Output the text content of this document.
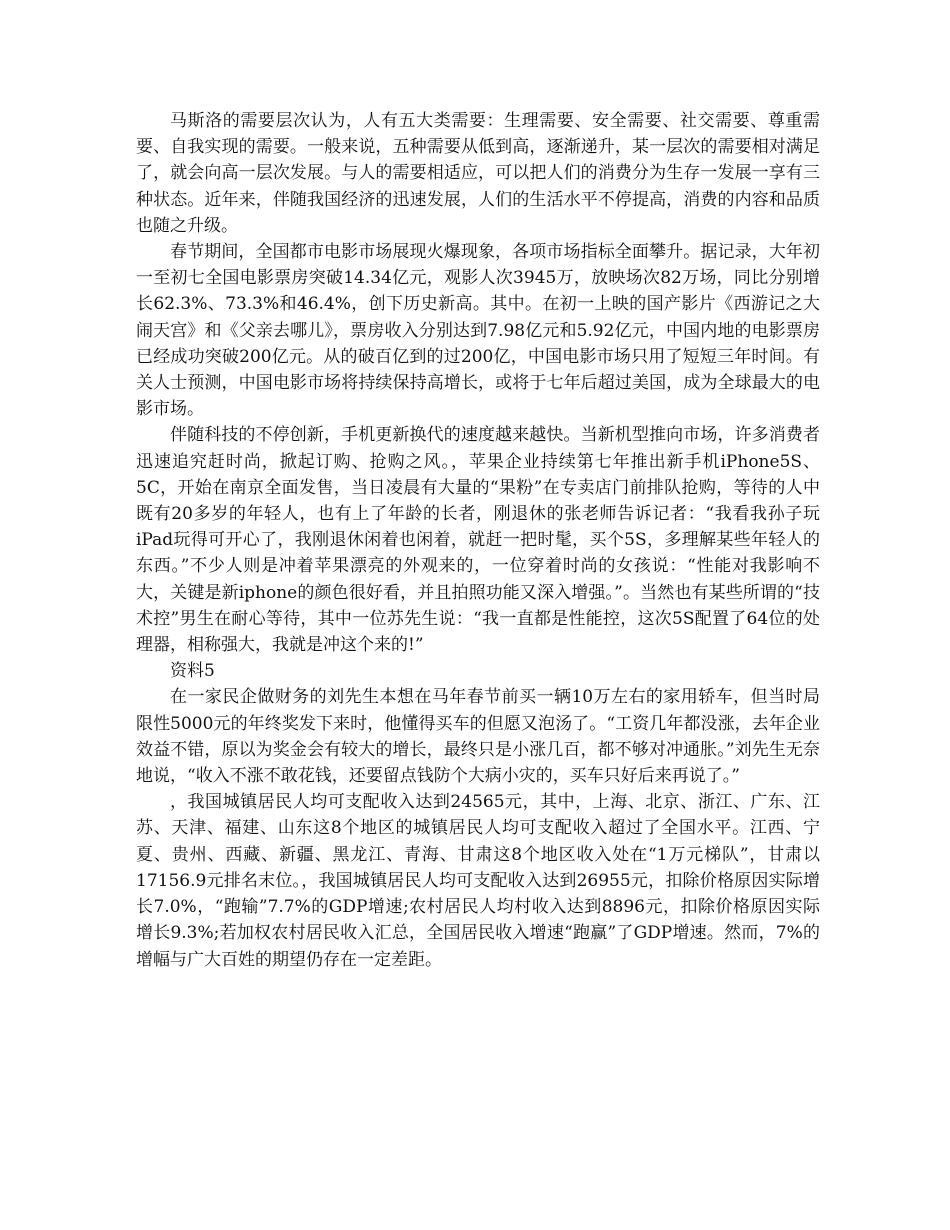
马斯洛的需要层次认为，人有五大类需要：生理需要、安全需要、社交需要、尊重需要、自我实现的需要。一般来说，五种需要从低到高，逐渐递升，某一层次的需要相对满足了，就会向高一层次发展。与人的需要相适应，可以把人们的消费分为生存一发展一享有三种状态。近年来，伴随我国经济的迅速发展，人们的生活水平不停提高，消费的内容和品质也随之升级。

春节期间，全国都市电影市场展现火爆现象，各项市场指标全面攀升。据记录，大年初一至初七全国电影票房突破14.34亿元，观影人次3945万，放映场次82万场，同比分别增长62.3%、73.3%和46.4%，创下历史新高。其中。在初一上映的国产影片《西游记之大闹天宫》和《父亲去哪儿》，票房收入分别达到7.98亿元和5.92亿元，中国内地的电影票房已经成功突破200亿元。从的破百亿到的过200亿，中国电影市场只用了短短三年时间。有关人士预测，中国电影市场将持续保持高增长，或将于七年后超过美国，成为全球最大的电影市场。

伴随科技的不停创新，手机更新换代的速度越来越快。当新机型推向市场，许多消费者迅速追究赶时尚，掀起订购、抢购之风。，苹果企业持续第七年推出新手机iPhone5S、5C，开始在南京全面发售，当日凌晨有大量的“果粉”在专卖店门前排队抢购，等待的人中既有20多岁的年轻人，也有上了年龄的长者，刚退休的张老师告诉记者：“我看我孙子玩iPad玩得可开心了，我刚退休闲着也闲着，就赶一把时髦，买个5S，多理解某些年轻人的东西。”不少人则是冲着苹果漂亮的外观来的，一位穿着时尚的女孩说：“性能对我影响不大，关键是新iphone的颜色很好看，并且拍照功能又深入增强。”。当然也有某些所谓的“技术控”男生在耐心等待，其中一位苏先生说：“我一直都是性能控，这次5S配置了64位的处理器，相称强大，我就是冲这个来的!”

资料5

在一家民企做财务的刘先生本想在马年春节前买一辆10万左右的家用轿车，但当时局限性5000元的年终奖发下来时，他懂得买车的但愿又泡汤了。“工资几年都没涨，去年企业效益不错，原以为奖金会有较大的增长，最终只是小涨几百，都不够对冲通胀。”刘先生无奈地说，“收入不涨不敢花钱，还要留点钱防个大病小灾的，买车只好后来再说了。”

，我国城镇居民人均可支配收入达到24565元，其中，上海、北京、浙江、广东、江苏、天津、福建、山东这8个地区的城镇居民人均可支配收入超过了全国水平。江西、宁夏、贵州、西藏、新疆、黑龙江、青海、甘肃这8个地区收入处在“1万元梯队”，甘肃以17156.9元排名末位。，我国城镇居民人均可支配收入达到26955元，扣除价格原因实际增长7.0%，“跑输”7.7%的GDP增速;农村居民人均村收入达到8896元，扣除价格原因实际增长9.3%;若加权农村居民收入汇总，全国居民收入增速“跑赢”了GDP增速。然而，7%的增幅与广大百姓的期望仍存在一定差距。
